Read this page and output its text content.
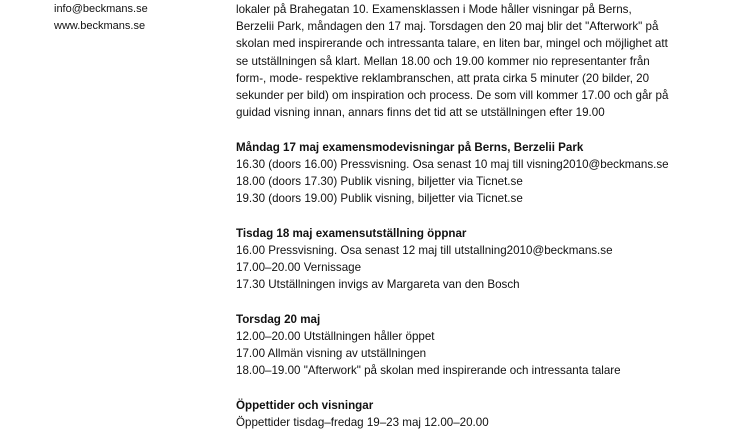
info@beckmans.se
www.beckmans.se
lokaler på Brahegatan 10. Examensklassen i Mode håller visningar på Berns,
Berzelii Park, måndagen den 17 maj. Torsdagen den 20 maj blir det "Afterwork" på
skolan med inspirerande och intressanta talare, en liten bar, mingel och möjlighet att
se utställningen så klart. Mellan 18.00 och 19.00 kommer nio representanter från
form-, mode- respektive reklambranschen, att prata cirka 5 minuter (20 bilder, 20
sekunder per bild) om inspiration och process. De som vill kommer 17.00 och går på
guidad visning innan, annars finns det tid att se utställningen efter 19.00
Måndag 17 maj examensmodevisningar på Berns, Berzelii Park
16.30 (doors 16.00) Pressvisning. Osa senast 10 maj till visning2010@beckmans.se
18.00 (doors 17.30) Publik visning, biljetter via Ticnet.se
19.30 (doors 19.00) Publik visning, biljetter via Ticnet.se
Tisdag 18 maj examensutställning öppnar
16.00 Pressvisning. Osa senast 12 maj till utstallning2010@beckmans.se
17.00–20.00 Vernissage
17.30 Utställningen invigs av Margareta van den Bosch
Torsdag 20 maj
12.00–20.00 Utställningen håller öppet
17.00 Allmän visning av utställningen
18.00–19.00 "Afterwork" på skolan med inspirerande och intressanta talare
Öppettider och visningar
Öppettider tisdag–fredag 19–23 maj 12.00–20.00
